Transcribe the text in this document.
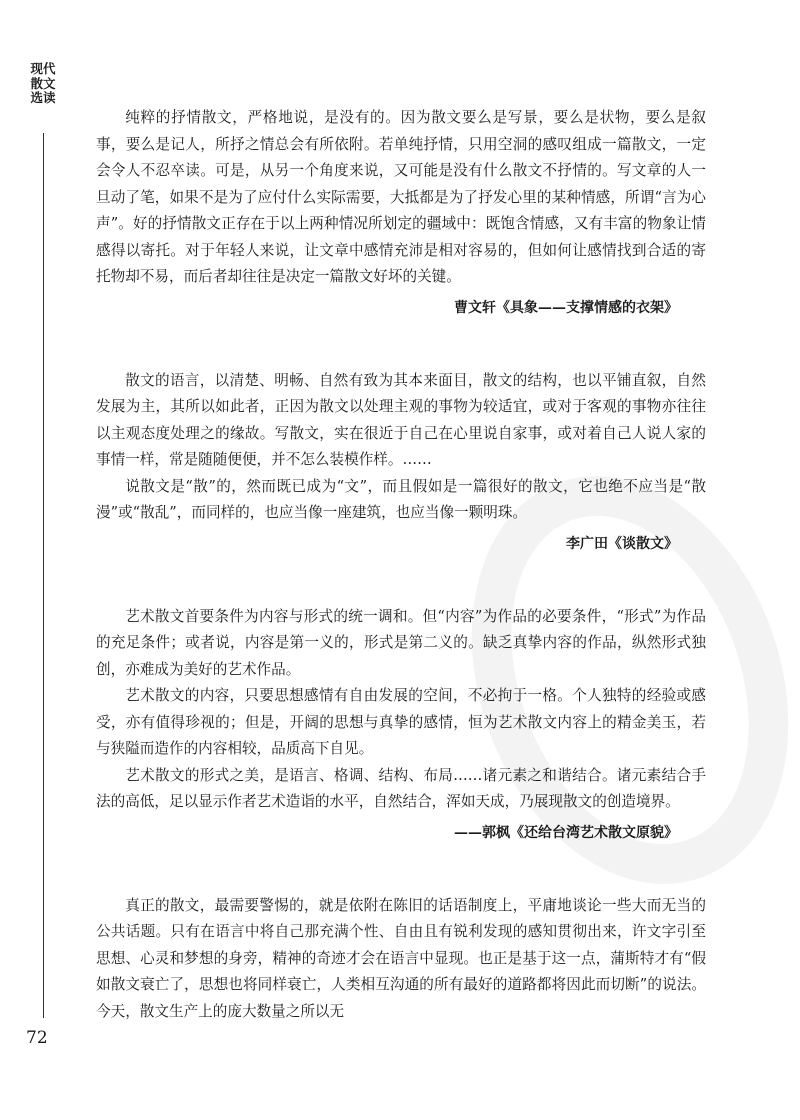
现代散文选读

纯粹的抒情散文，严格地说，是没有的。因为散文要么是写景，要么是状物，要么是叙事，要么是记人，所抒之情总会有所依附。若单纯抒情，只用空洞的感叹组成一篇散文，一定会令人不忍卒读。可是，从另一个角度来说，又可能是没有什么散文不抒情的。写文章的人一旦动了笔，如果不是为了应付什么实际需要，大抵都是为了抒发心里的某种情感，所谓“言为心声”。好的抒情散文正存在于以上两种情况所划定的疆域中：既饱含情感，又有丰富的物象让情感得以寄托。对于年轻人来说，让文章中感情充沛是相对容易的，但如何让感情找到合适的寄托物却不易，而后者却往往是决定一篇散文好坏的关键。

曹文轩《具象——支撑情感的衣架》

散文的语言，以清楚、明畅、自然有致为其本来面目，散文的结构，也以平铺直叙，自然发展为主，其所以如此者，正因为散文以处理主观的事物为较适宜，或对于客观的事物亦往往以主观态度处理之的缘故。写散文，实在很近于自己在心里说自家事，或对着自己人说人家的事情一样，常是随随便便，并不怎么装模作样。……

说散文是“散”的，然而既已成为“文”，而且假如是一篇很好的散文，它也绝不应当是“散漫”或“散乱”，而同样的，也应当像一座建筑，也应当像一颗明珠。

李广田《谈散文》

艺术散文首要条件为内容与形式的统一调和。但“内容”为作品的必要条件，“形式”为作品的充足条件；或者说，内容是第一义的，形式是第二义的。缺乏真挚内容的作品，纵然形式独创，亦难成为美好的艺术作品。

艺术散文的内容，只要思想感情有自由发展的空间，不必拘于一格。个人独特的经验或感受，亦有值得珍视的；但是，开阔的思想与真挚的感情，恒为艺术散文内容上的精金美玉，若与狭隘而造作的内容相较，品质高下自见。

艺术散文的形式之美，是语言、格调、结构、布局……诸元素之和谐结合。诸元素结合手法的高低，足以显示作者艺术造诣的水平，自然结合，浑如天成，乃展现散文的创造境界。

——郭枫《还给台湾艺术散文原貌》

真正的散文，最需要警惕的，就是依附在陈旧的话语制度上，平庸地谈论一些大而无当的公共话题。只有在语言中将自己那充满个性、自由且有锐利发现的感知贯彻出来，许文字引至思想、心灵和梦想的身旁，精神的奇迹才会在语言中显现。也正是基于这一点，蒲斯特才有“假如散文衰亡了，思想也将同样衰亡，人类相互沟通的所有最好的道路都将因此而切断”的说法。今天，散文生产上的庞大数量之所以无

72
